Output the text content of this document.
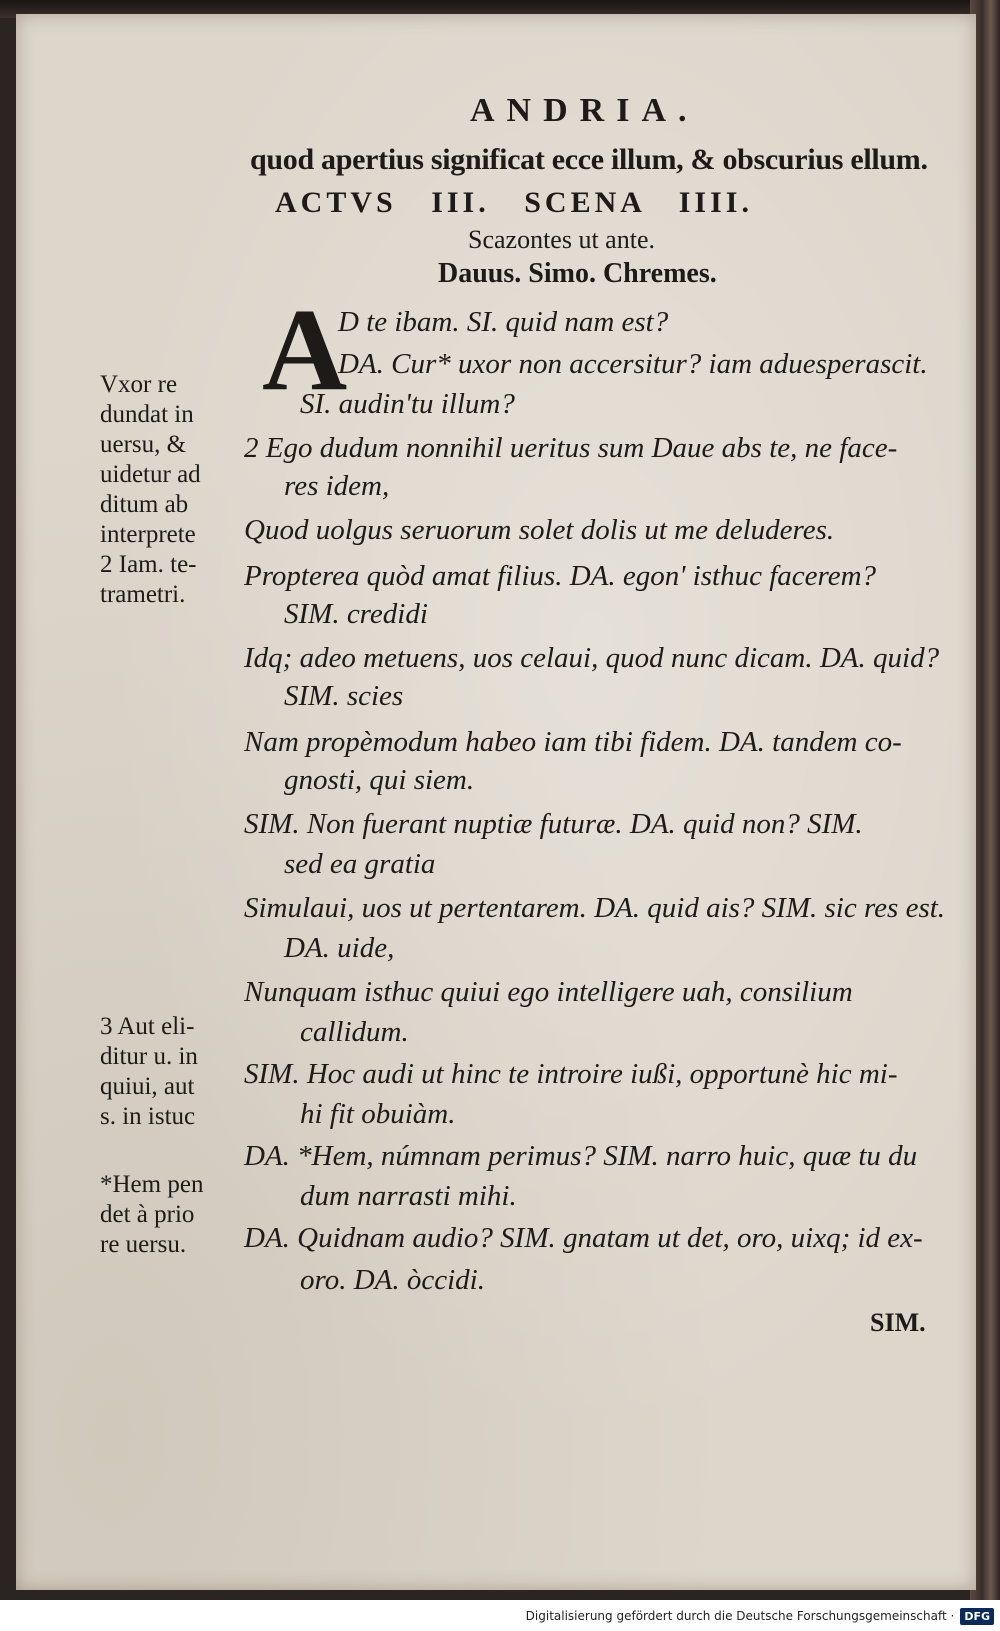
ANDRIA.
quod apertius significat ecce illum, & obscurius ellum.
ACTVS   III.   SCENA   IIII.
Scazontes ut ante.
Dauus. Simo. Chremes.
A
D te ibam. SI. quid nam est?
DA. Cur* uxor non accersitur? iam aduesperascit.
SI. audin'tu illum?
2 Ego dudum nonnihil ueritus sum Daue abs te, ne face-
res idem,
Quod uolgus seruorum solet dolis ut me deluderes.
Propterea quòd amat filius. DA. egon' isthuc facerem?
SIM. credidi
Idq; adeo metuens, uos celaui, quod nunc dicam. DA. quid?
SIM. scies
Nam propèmodum habeo iam tibi fidem. DA. tandem co-
gnosti, qui siem.
SIM. Non fuerant nuptiæ futuræ. DA. quid non? SIM.
sed ea gratia
Simulaui, uos ut pertentarem. DA. quid ais? SIM. sic res est.
DA. uide,
Nunquam isthuc quiui ego intelligere uah, consilium
callidum.
SIM. Hoc audi ut hinc te introire iußi, opportunè hic mi-
hi fit obuiàm.
DA. *Hem, númnam perimus? SIM. narro huic, quæ tu du
dum narrasti mihi.
DA. Quidnam audio? SIM. gnatam ut det, oro, uixq; id ex-
oro. DA. òccidi.
SIM.
Vxor re
dundat in
uersu, &
uidetur ad
ditum ab
interprete
2 Iam. te-
trametri.
3 Aut eli-
ditur u. in
quiui, aut
s. in istuc
*Hem pen
det à prio
re uersu.
Digitalisierung gefördert durch die Deutsche Forschungsgemeinschaft · DFG
